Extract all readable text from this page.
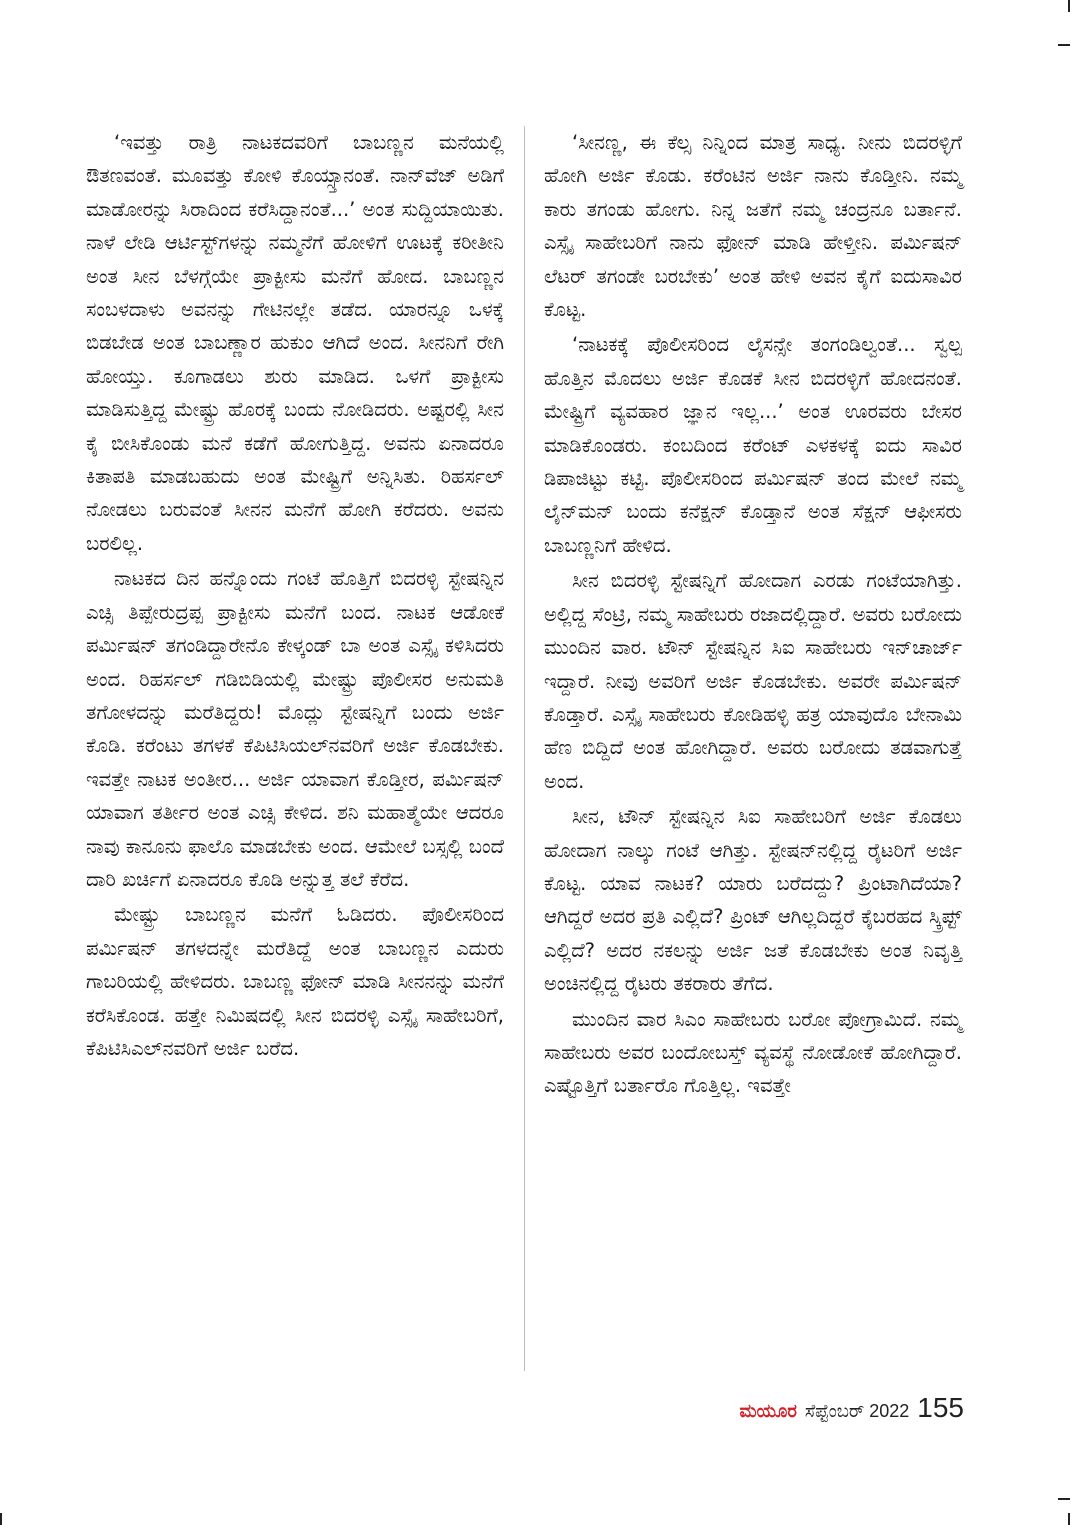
‘ಇವತ್ತು ರಾತ್ರಿ ನಾಟಕದವರಿಗೆ ಬಾಬಣ್ಣನ ಮನೆಯಲ್ಲಿ ಔತಣವಂತೆ. ಮೂವತ್ತು ಕೋಳಿ ಕೊಯ್ಸ್ತಾನಂತೆ. ನಾನ್‌ವೆಜ್ ಅಡಿಗೆ ಮಾಡೋರನ್ನು ಸಿರಾದಿಂದ ಕರೆಸಿದ್ದಾನಂತೆ...’ ಅಂತ ಸುದ್ದಿಯಾಯಿತು. ನಾಳೆ ಲೇಡಿ ಆರ್ಟಿಸ್ಟ್‌ಗಳನ್ನು ನಮ್ಮನೆಗೆ ಹೋಳಿಗೆ ಊಟಕ್ಕೆ ಕರೀತೀನಿ ಅಂತ ಸೀನ ಬೆಳಗ್ಗೆಯೇ ಪ್ರಾಕ್ಟೀಸು ಮನೆಗೆ ಹೋದ. ಬಾಬಣ್ಣನ ಸಂಬಳದಾಳು ಅವನನ್ನು ಗೇಟಿನಲ್ಲೇ ತಡೆದ. ಯಾರನ್ನೂ ಒಳಕ್ಕೆ ಬಿಡಬೇಡ ಅಂತ ಬಾಬಣ್ಣಾರ ಹುಕುಂ ಆಗಿದೆ ಅಂದ. ಸೀನನಿಗೆ ರೇಗಿ ಹೋಯ್ತು. ಕೂಗಾಡಲು ಶುರು ಮಾಡಿದ. ಒಳಗೆ ಪ್ರಾಕ್ಟೀಸು ಮಾಡಿಸುತ್ತಿದ್ದ ಮೇಷ್ಟ್ರು ಹೊರಕ್ಕೆ ಬಂದು ನೋಡಿದರು. ಅಷ್ಟರಲ್ಲಿ ಸೀನ ಕೈ ಬೀಸಿಕೊಂಡು ಮನೆ ಕಡೆಗೆ ಹೋಗುತ್ತಿದ್ದ. ಅವನು ಏನಾದರೂ ಕಿತಾಪತಿ ಮಾಡಬಹುದು ಅಂತ ಮೇಷ್ಟ್ರಿಗೆ ಅನ್ನಿಸಿತು. ರಿಹರ್ಸಲ್ ನೋಡಲು ಬರುವಂತೆ ಸೀನನ ಮನೆಗೆ ಹೋಗಿ ಕರೆದರು. ಅವನು ಬರಲಿಲ್ಲ.

ನಾಟಕದ ದಿನ ಹನ್ನೊಂದು ಗಂಟೆ ಹೊತ್ತಿಗೆ ಬಿದರಳ್ಳಿ ಸ್ಟೇಷನ್ನಿನ ಎಚ್ಸಿ ತಿಪ್ಪೇರುದ್ರಪ್ಪ ಪ್ರಾಕ್ಟೀಸು ಮನೆಗೆ ಬಂದ. ನಾಟಕ ಆಡೋಕೆ ಪರ್ಮಿಷನ್ ತಗಂಡಿದ್ದಾರೇನೊ ಕೇಳ್ಕಂಡ್ ಬಾ ಅಂತ ಎಸ್ಸೈ ಕಳಿಸಿದರು ಅಂದ. ರಿಹರ್ಸಲ್ ಗಡಿಬಿಡಿಯಲ್ಲಿ ಮೇಷ್ಟ್ರು ಪೊಲೀಸರ ಅನುಮತಿ ತಗೋಳದನ್ನು ಮರೆತಿದ್ದರು! ಮೊದ್ಲು ಸ್ಟೇಷನ್ನಿಗೆ ಬಂದು ಅರ್ಜಿ ಕೊಡಿ. ಕರೆಂಟು ತಗಳಕೆ ಕೆಪಿಟಿಸಿಯಲ್‌ನವರಿಗೆ ಅರ್ಜಿ ಕೊಡಬೇಕು. ಇವತ್ತೇ ನಾಟಕ ಅಂತೀರ... ಅರ್ಜಿ ಯಾವಾಗ ಕೊಡ್ತೀರ, ಪರ್ಮಿಷನ್ ಯಾವಾಗ ತರ್ತೀರ ಅಂತ ಎಚ್ಸಿ ಕೇಳಿದ. ಶನಿ ಮಹಾತ್ಮೆಯೇ ಆದರೂ ನಾವು ಕಾನೂನು ಫಾಲೊ ಮಾಡಬೇಕು ಅಂದ. ಆಮೇಲೆ ಬಸ್ಸಲ್ಲಿ ಬಂದೆ ದಾರಿ ಖರ್ಚಿಗೆ ಏನಾದರೂ ಕೊಡಿ ಅನ್ನುತ್ತ ತಲೆ ಕೆರೆದ.

ಮೇಷ್ಟ್ರು ಬಾಬಣ್ಣನ ಮನೆಗೆ ಓಡಿದರು. ಪೊಲೀಸರಿಂದ ಪರ್ಮಿಷನ್ ತಗಳದನ್ನೇ ಮರೆತಿದ್ದೆ ಅಂತ ಬಾಬಣ್ಣನ ಎದುರು ಗಾಬರಿಯಲ್ಲಿ ಹೇಳಿದರು. ಬಾಬಣ್ಣ ಫೋನ್ ಮಾಡಿ ಸೀನನನ್ನು ಮನೆಗೆ ಕರೆಸಿಕೊಂಡ. ಹತ್ತೇ ನಿಮಿಷದಲ್ಲಿ ಸೀನ ಬಿದರಳ್ಳಿ ಎಸ್ಸೈ ಸಾಹೇಬರಿಗೆ, ಕೆಪಿಟಿಸಿಎಲ್‌ನವರಿಗೆ ಅರ್ಜಿ ಬರೆದ.

‘ಸೀನಣ್ಣ, ಈ ಕೆಲ್ಸ ನಿನ್ನಿಂದ ಮಾತ್ರ ಸಾಧ್ಯ. ನೀನು ಬಿದರಳ್ಳಿಗೆ ಹೋಗಿ ಅರ್ಜಿ ಕೊಡು. ಕರೆಂಟಿನ ಅರ್ಜಿ ನಾನು ಕೊಡ್ತೀನಿ. ನಮ್ಮ ಕಾರು ತಗಂಡು ಹೋಗು. ನಿನ್ನ ಜತೆಗೆ ನಮ್ಮ ಚಂದ್ರನೂ ಬರ್ತಾನೆ. ಎಸ್ಸೈ ಸಾಹೇಬರಿಗೆ ನಾನು ಫೋನ್ ಮಾಡಿ ಹೇಳ್ತೀನಿ. ಪರ್ಮಿಷನ್ ಲೆಟರ್ ತಗಂಡೇ ಬರಬೇಕು’ ಅಂತ ಹೇಳಿ ಅವನ ಕೈಗೆ ಐದುಸಾವಿರ ಕೊಟ್ಟ.

‘ನಾಟಕಕ್ಕೆ ಪೊಲೀಸರಿಂದ ಲೈಸನ್ಸೇ ತಂಗಂಡಿಲ್ವಂತೆ... ಸ್ವಲ್ಪ ಹೊತ್ತಿನ ಮೊದಲು ಅರ್ಜಿ ಕೊಡಕೆ ಸೀನ ಬಿದರಳ್ಳಿಗೆ ಹೋದನಂತೆ. ಮೇಷ್ಟ್ರಿಗೆ ವ್ಯವಹಾರ ಜ್ಞಾನ ಇಲ್ಲ...’ ಅಂತ ಊರವರು ಬೇಸರ ಮಾಡಿಕೊಂಡರು. ಕಂಬದಿಂದ ಕರೆಂಟ್ ಎಳಕಳಕ್ಕೆ ಐದು ಸಾವಿರ ಡಿಪಾಜಿಟ್ಟು ಕಟ್ಟಿ. ಪೊಲೀಸರಿಂದ ಪರ್ಮಿಷನ್ ತಂದ ಮೇಲೆ ನಮ್ಮ ಲೈನ್‌ಮನ್ ಬಂದು ಕನೆಕ್ಷನ್ ಕೊಡ್ತಾನೆ ಅಂತ ಸೆಕ್ಷನ್ ಆಫೀಸರು ಬಾಬಣ್ಣನಿಗೆ ಹೇಳಿದ.

ಸೀನ ಬಿದರಳ್ಳಿ ಸ್ಟೇಷನ್ನಿಗೆ ಹೋದಾಗ ಎರಡು ಗಂಟೆಯಾಗಿತ್ತು. ಅಲ್ಲಿದ್ದ ಸೆಂಟ್ರಿ, ನಮ್ಮ ಸಾಹೇಬರು ರಜಾದಲ್ಲಿದ್ದಾರೆ. ಅವರು ಬರೋದು ಮುಂದಿನ ವಾರ. ಟೌನ್ ಸ್ಟೇಷನ್ನಿನ ಸಿಐ ಸಾಹೇಬರು ಇನ್‌ಚಾರ್ಜ್ ಇದ್ದಾರೆ. ನೀವು ಅವರಿಗೆ ಅರ್ಜಿ ಕೊಡಬೇಕು. ಅವರೇ ಪರ್ಮಿಷನ್ ಕೊಡ್ತಾರೆ. ಎಸ್ಸೈ ಸಾಹೇಬರು ಕೋಡಿಹಳ್ಳಿ ಹತ್ರ ಯಾವುದೊ ಬೇನಾಮಿ ಹೆಣ ಬಿದ್ದಿದೆ ಅಂತ ಹೋಗಿದ್ದಾರೆ. ಅವರು ಬರೋದು ತಡವಾಗುತ್ತೆ ಅಂದ.

ಸೀನ, ಟೌನ್ ಸ್ಟೇಷನ್ನಿನ ಸಿಐ ಸಾಹೇಬರಿಗೆ ಅರ್ಜಿ ಕೊಡಲು ಹೋದಾಗ ನಾಲ್ಕು ಗಂಟೆ ಆಗಿತ್ತು. ಸ್ಟೇಷನ್‌ನಲ್ಲಿದ್ದ ರೈಟರಿಗೆ ಅರ್ಜಿ ಕೊಟ್ಟ. ಯಾವ ನಾಟಕ? ಯಾರು ಬರೆದದ್ದು? ಪ್ರಿಂಟಾಗಿದೆಯಾ? ಆಗಿದ್ದರೆ ಅದರ ಪ್ರತಿ ಎಲ್ಲಿದೆ? ಪ್ರಿಂಟ್ ಆಗಿಲ್ಲದಿದ್ದರೆ ಕೈಬರಹದ ಸ್ಕ್ರಿಪ್ಟ್ ಎಲ್ಲಿದೆ? ಅದರ ನಕಲನ್ನು ಅರ್ಜಿ ಜತೆ ಕೊಡಬೇಕು ಅಂತ ನಿವೃತ್ತಿ ಅಂಚಿನಲ್ಲಿದ್ದ ರೈಟರು ತಕರಾರು ತೆಗೆದ.

ಮುಂದಿನ ವಾರ ಸಿಎಂ ಸಾಹೇಬರು ಬರೋ ಪೋಗ್ರಾಮಿದೆ. ನಮ್ಮ ಸಾಹೇಬರು ಅವರ ಬಂದೋಬಸ್ತ್ ವ್ಯವಸ್ಥೆ ನೋಡೋಕೆ ಹೋಗಿದ್ದಾರೆ. ಎಷ್ಟೊತ್ತಿಗೆ ಬರ್ತಾರೊ ಗೊತ್ತಿಲ್ಲ. ಇವತ್ತೇ

ಮಯೂರ ಸೆಪ್ಟೆಂಬರ್ 2022 155
